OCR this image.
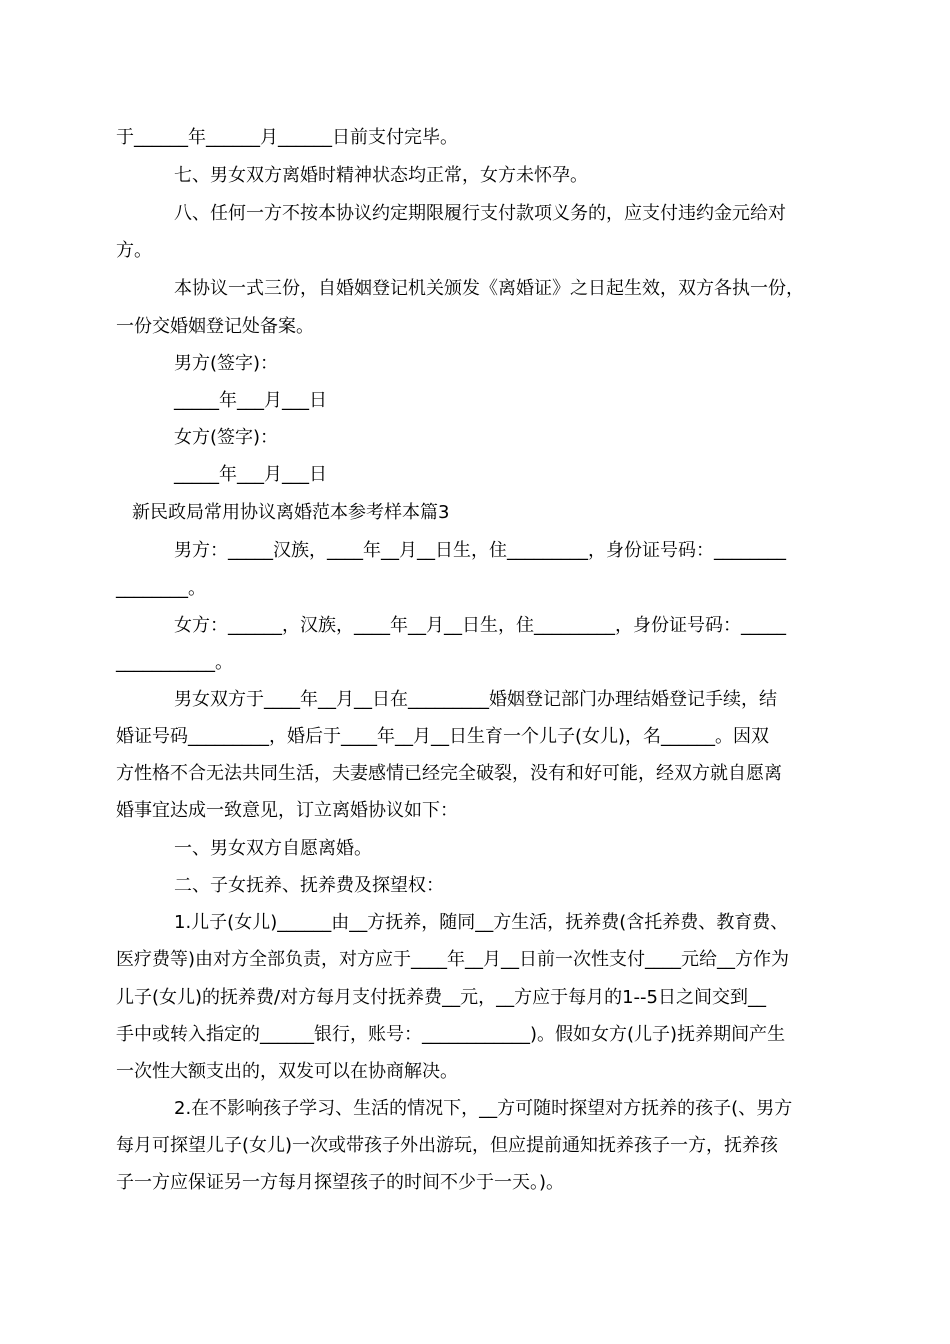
于______年______月______日前支付完毕。
七、男女双方离婚时精神状态均正常，女方未怀孕。
八、任何一方不按本协议约定期限履行支付款项义务的，应支付违约金元给对
方。
本协议一式三份，自婚姻登记机关颁发《离婚证》之日起生效，双方各执一份，
一份交婚姻登记处备案。
男方(签字)：
_____年___月___日
女方(签字)：
_____年___月___日
新民政局常用协议离婚范本参考样本篇3
男方：_____汉族，____年__月__日生，住_________，身份证号码：________
________。
女方：______，汉族，____年__月__日生，住_________，身份证号码：_____
___________。
男女双方于____年__月__日在_________婚姻登记部门办理结婚登记手续，结
婚证号码_________，婚后于____年__月__日生育一个儿子(女儿)，名______。因双
方性格不合无法共同生活，夫妻感情已经完全破裂，没有和好可能，经双方就自愿离
婚事宜达成一致意见，订立离婚协议如下：
一、男女双方自愿离婚。
二、子女抚养、抚养费及探望权：
1.儿子(女儿)______由__方抚养，随同__方生活，抚养费(含托养费、教育费、
医疗费等)由对方全部负责，对方应于____年__月__日前一次性支付____元给__方作为
儿子(女儿)的抚养费/对方每月支付抚养费__元，__方应于每月的1--5日之间交到__
手中或转入指定的______银行，账号：____________)。假如女方(儿子)抚养期间产生
一次性大额支出的，双发可以在协商解决。
2.在不影响孩子学习、生活的情况下，__方可随时探望对方抚养的孩子(、男方
每月可探望儿子(女儿)一次或带孩子外出游玩，但应提前通知抚养孩子一方，抚养孩
子一方应保证另一方每月探望孩子的时间不少于一天。)。
